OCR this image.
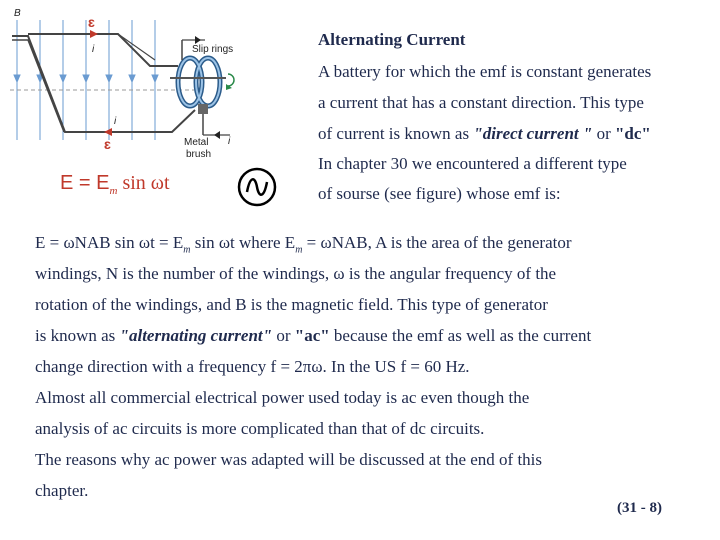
B
ɛ
i
i
ɛ	i
Slip rings
Metal
brush
$E = E_m$ sin ωt
Alternating Current
A battery for which the emf is constant generates
a current that has a constant direction. This type
of current is known as "direct current " or "dc"
In chapter 30 we encountered a different type
of sourse (see figure) whose emf is:
E = ωNAB $\sin \omega t = E_m$ sin ωt where $E_m = \omega NAB$, A is the area of the generator
windings, N is the number of the windings, ω is the angular frequency of the
rotation of the windings, and B is the magnetic field. This type of generator
is known as "alternating current" or "ac" because the emf as well as the current
change direction with a frequency f = 2πω. In the US f = 60 Hz.
Almost all commercial electrical power used today is ac even though the
analysis of ac circuits is more complicated than that of dc circuits.
The reasons why ac power was adapted will be discussed at the end of this
chapter.
(31 - 8)
